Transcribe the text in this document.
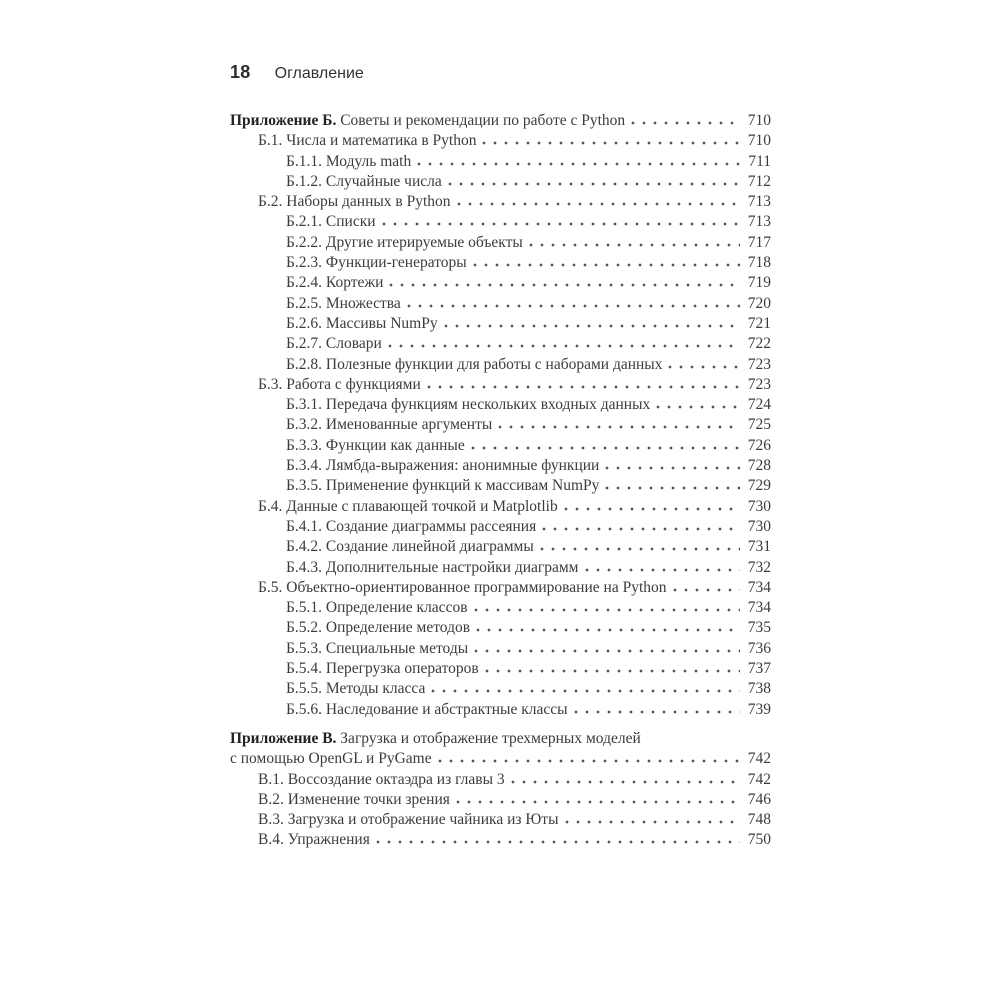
18 Оглавление
Приложение Б. Советы и рекомендации по работе с Python	710
Б.1. Числа и математика в Python	710
Б.1.1. Модуль math	711
Б.1.2. Случайные числа	712
Б.2. Наборы данных в Python	713
Б.2.1. Списки	713
Б.2.2. Другие итерируемые объекты	717
Б.2.3. Функции-генераторы	718
Б.2.4. Кортежи	719
Б.2.5. Множества	720
Б.2.6. Массивы NumPy	721
Б.2.7. Словари	722
Б.2.8. Полезные функции для работы с наборами данных	723
Б.3. Работа с функциями	723
Б.3.1. Передача функциям нескольких входных данных	724
Б.3.2. Именованные аргументы	725
Б.3.3. Функции как данные	726
Б.3.4. Лямбда-выражения: анонимные функции	728
Б.3.5. Применение функций к массивам NumPy	729
Б.4. Данные с плавающей точкой и Matplotlib	730
Б.4.1. Создание диаграммы рассеяния	730
Б.4.2. Создание линейной диаграммы	731
Б.4.3. Дополнительные настройки диаграмм	732
Б.5. Объектно-ориентированное программирование на Python	734
Б.5.1. Определение классов	734
Б.5.2. Определение методов	735
Б.5.3. Специальные методы	736
Б.5.4. Перегрузка операторов	737
Б.5.5. Методы класса	738
Б.5.6. Наследование и абстрактные классы	739
Приложение В. Загрузка и отображение трехмерных моделей
с помощью OpenGL и PyGame	742
В.1. Воссоздание октаэдра из главы 3	742
В.2. Изменение точки зрения	746
В.3. Загрузка и отображение чайника из Юты	748
В.4. Упражнения	750
